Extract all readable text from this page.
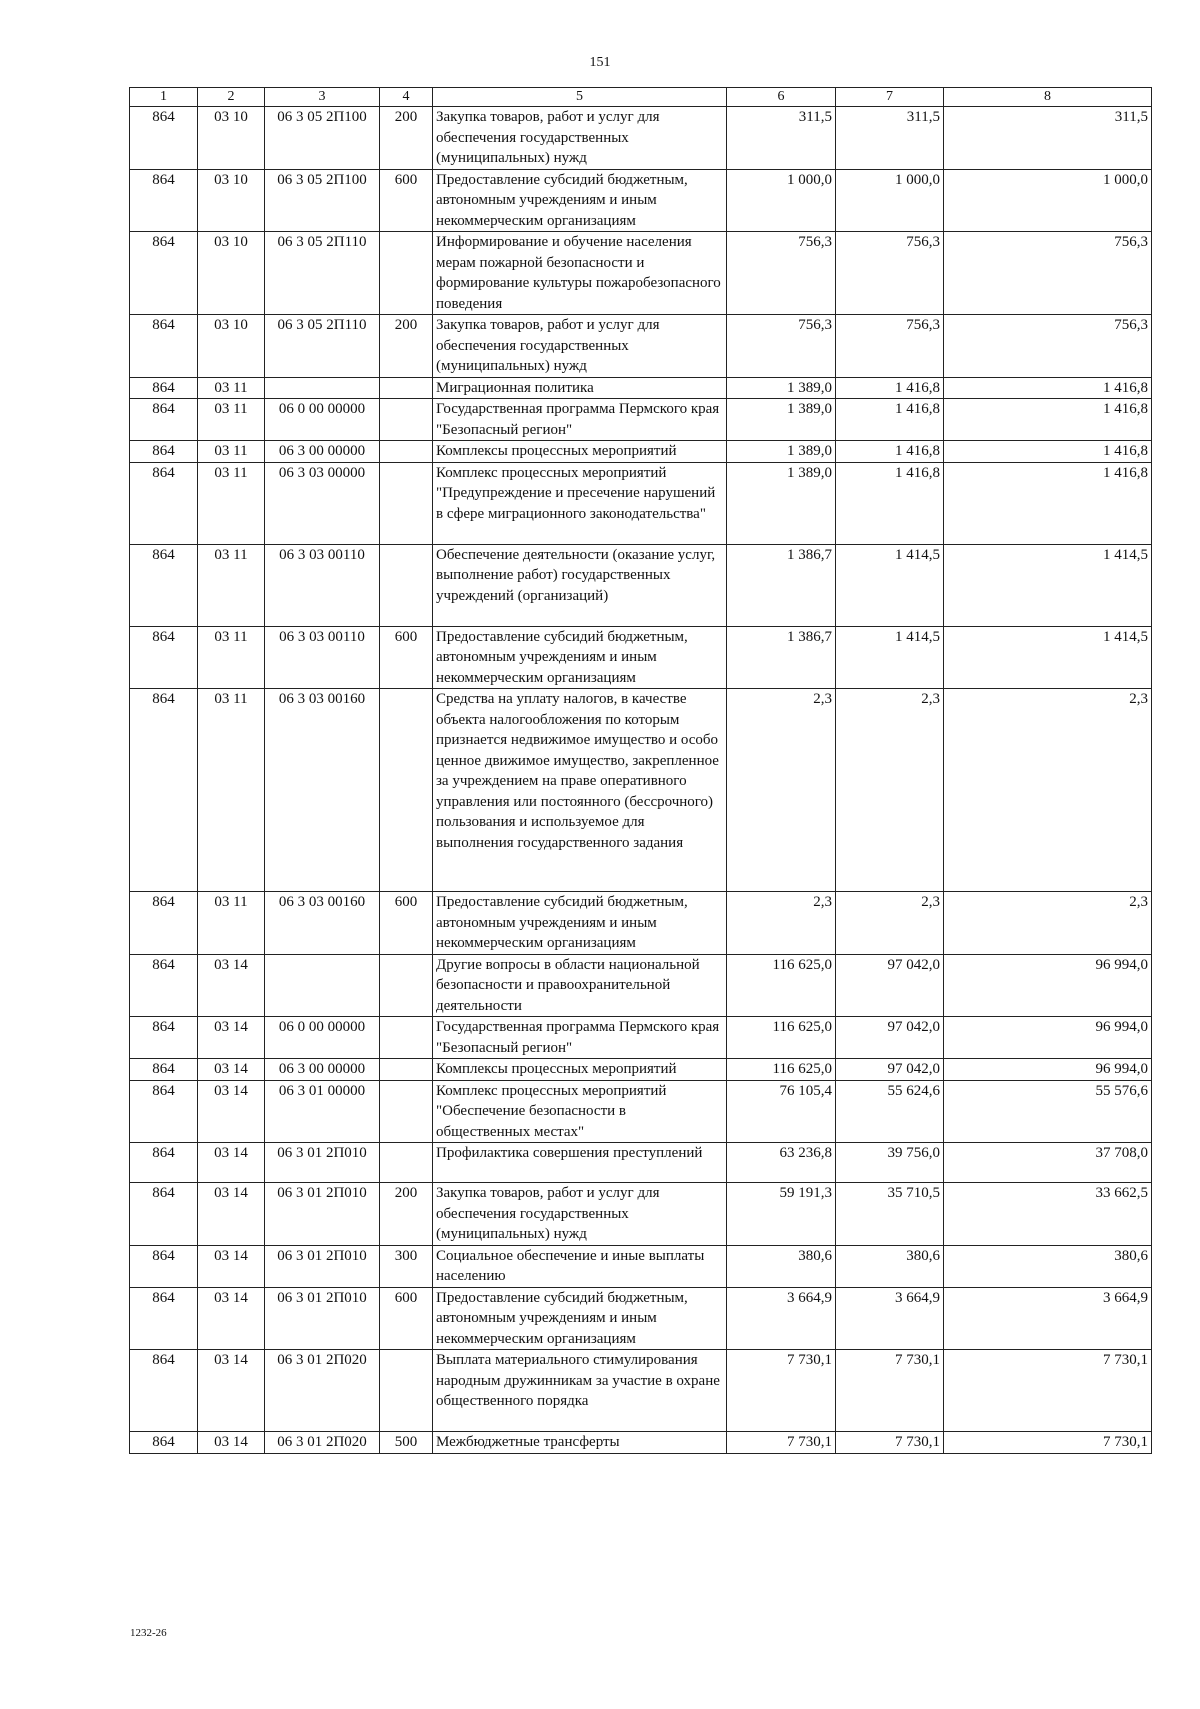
151
1	2	3	4	5	6	7	8
864	03 10	06 3 05 2П100	200	Закупка товаров, работ и услуг для обеспечения государственных (муниципальных) нужд	311,5	311,5	311,5
864	03 10	06 3 05 2П100	600	Предоставление субсидий бюджетным, автономным учреждениям и иным некоммерческим организациям	1 000,0	1 000,0	1 000,0
864	03 10	06 3 05 2П110		Информирование и обучение населения мерам пожарной безопасности и формирование культуры пожаробезопасного поведения	756,3	756,3	756,3
864	03 10	06 3 05 2П110	200	Закупка товаров, работ и услуг для обеспечения государственных (муниципальных) нужд	756,3	756,3	756,3
864	03 11			Миграционная политика	1 389,0	1 416,8	1 416,8
864	03 11	06 0 00 00000		Государственная программа Пермского края "Безопасный регион"	1 389,0	1 416,8	1 416,8
864	03 11	06 3 00 00000		Комплексы процессных мероприятий	1 389,0	1 416,8	1 416,8
864	03 11	06 3 03 00000		Комплекс процессных мероприятий "Предупреждение и пресечение нарушений в сфере миграционного законодательства"	1 389,0	1 416,8	1 416,8
864	03 11	06 3 03 00110		Обеспечение деятельности (оказание услуг, выполнение работ) государственных учреждений (организаций)	1 386,7	1 414,5	1 414,5
864	03 11	06 3 03 00110	600	Предоставление субсидий бюджетным, автономным учреждениям и иным некоммерческим организациям	1 386,7	1 414,5	1 414,5
864	03 11	06 3 03 00160		Средства на уплату налогов, в качестве объекта налогообложения по которым признается недвижимое имущество и особо ценное движимое имущество, закрепленное за учреждением на праве оперативного управления или постоянного (бессрочного) пользования и используемое для выполнения государственного задания	2,3	2,3	2,3
864	03 11	06 3 03 00160	600	Предоставление субсидий бюджетным, автономным учреждениям и иным некоммерческим организациям	2,3	2,3	2,3
864	03 14			Другие вопросы в области национальной безопасности и правоохранительной деятельности	116 625,0	97 042,0	96 994,0
864	03 14	06 0 00 00000		Государственная программа Пермского края "Безопасный регион"	116 625,0	97 042,0	96 994,0
864	03 14	06 3 00 00000		Комплексы процессных мероприятий	116 625,0	97 042,0	96 994,0
864	03 14	06 3 01 00000		Комплекс процессных мероприятий "Обеспечение безопасности в общественных местах"	76 105,4	55 624,6	55 576,6
864	03 14	06 3 01 2П010		Профилактика совершения преступлений	63 236,8	39 756,0	37 708,0
864	03 14	06 3 01 2П010	200	Закупка товаров, работ и услуг для обеспечения государственных (муниципальных) нужд	59 191,3	35 710,5	33 662,5
864	03 14	06 3 01 2П010	300	Социальное обеспечение и иные выплаты населению	380,6	380,6	380,6
864	03 14	06 3 01 2П010	600	Предоставление субсидий бюджетным, автономным учреждениям и иным некоммерческим организациям	3 664,9	3 664,9	3 664,9
864	03 14	06 3 01 2П020		Выплата материального стимулирования народным дружинникам за участие в охране общественного порядка	7 730,1	7 730,1	7 730,1
864	03 14	06 3 01 2П020	500	Межбюджетные трансферты	7 730,1	7 730,1	7 730,1
1232-26
